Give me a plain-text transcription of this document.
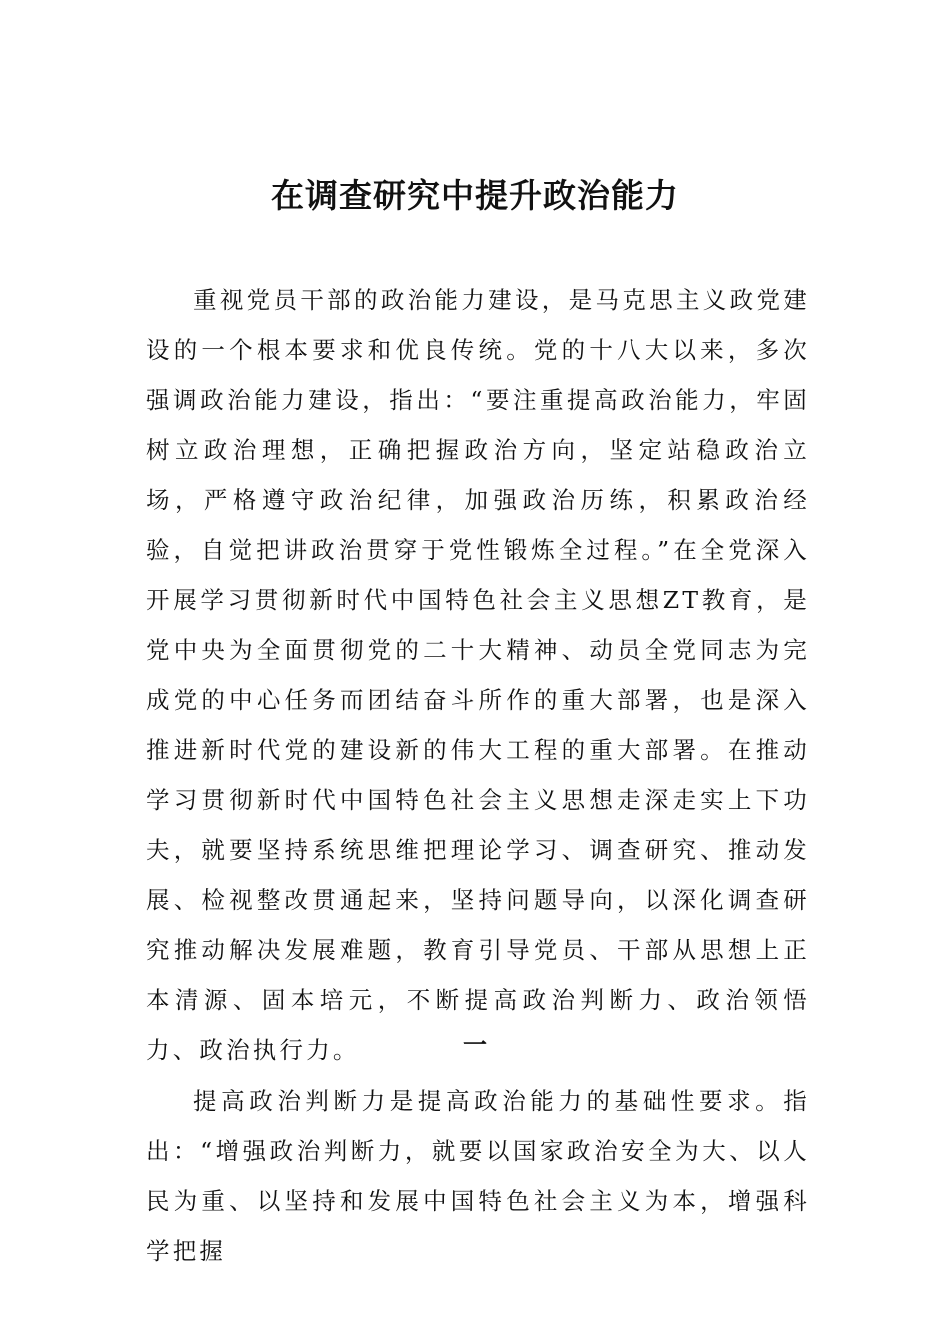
在调查研究中提升政治能力

重视党员干部的政治能力建设，是马克思主义政党建设的一个根本要求和优良传统。党的十八大以来，多次强调政治能力建设，指出：“要注重提高政治能力，牢固树立政治理想，正确把握政治方向，坚定站稳政治立场，严格遵守政治纪律，加强政治历练，积累政治经验，自觉把讲政治贯穿于党性锻炼全过程。”在全党深入开展学习贯彻新时代中国特色社会主义思想ZT教育，是党中央为全面贯彻党的二十大精神、动员全党同志为完成党的中心任务而团结奋斗所作的重大部署，也是深入推进新时代党的建设新的伟大工程的重大部署。在推动学习贯彻新时代中国特色社会主义思想走深走实上下功夫，就要坚持系统思维把理论学习、调查研究、推动发展、检视整改贯通起来，坚持问题导向，以深化调查研究推动解决发展难题，教育引导党员、干部从思想上正本清源、固本培元，不断提高政治判断力、政治领悟力、政治执行力。	一

提高政治判断力是提高政治能力的基础性要求。指出：“增强政治判断力，就要以国家政治安全为大、以人民为重、以坚持和发展中国特色社会主义为本，增强科学把握
